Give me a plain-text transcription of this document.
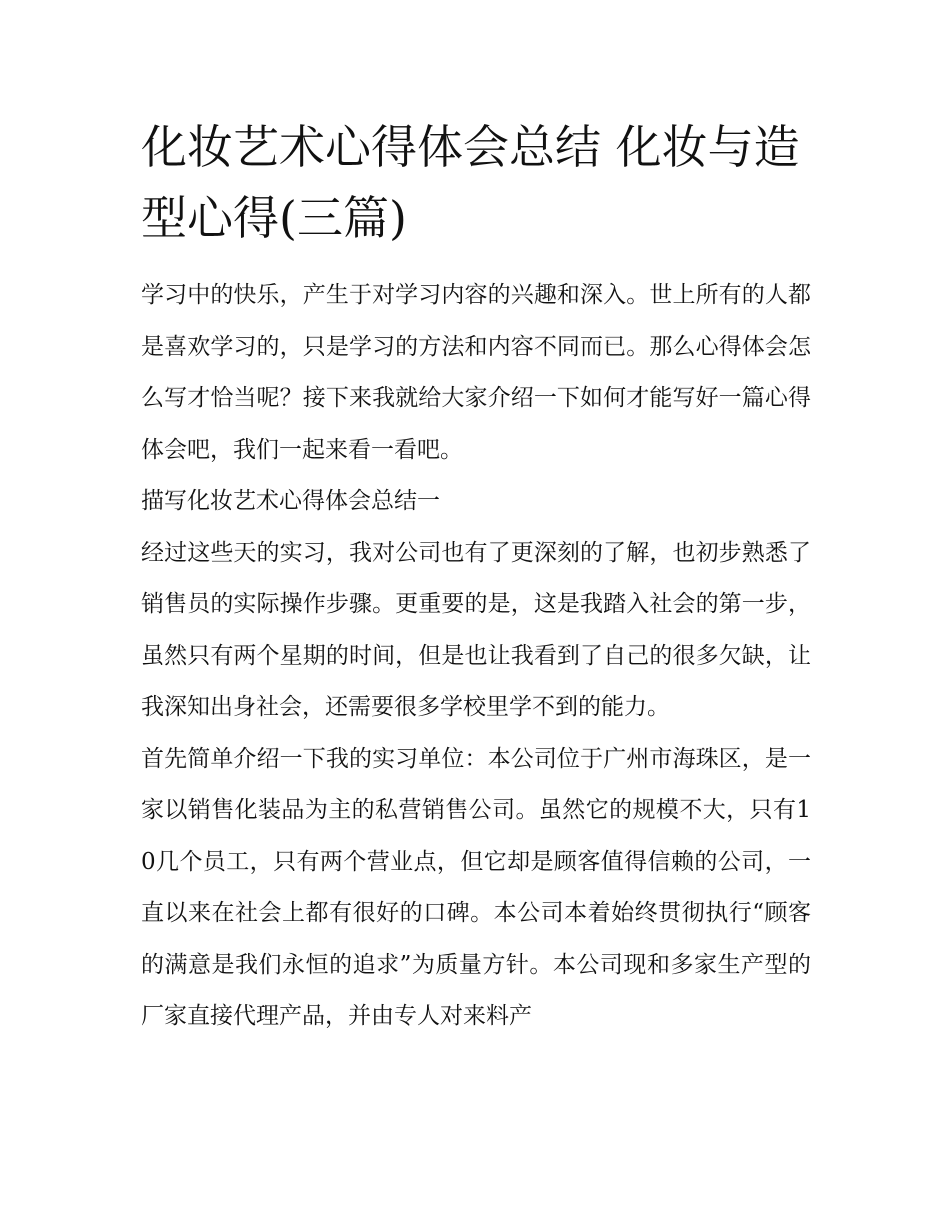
化妆艺术心得体会总结 化妆与造型心得(三篇)

学习中的快乐，产生于对学习内容的兴趣和深入。世上所有的人都是喜欢学习的，只是学习的方法和内容不同而已。那么心得体会怎么写才恰当呢？接下来我就给大家介绍一下如何才能写好一篇心得体会吧，我们一起来看一看吧。

描写化妆艺术心得体会总结一

经过这些天的实习，我对公司也有了更深刻的了解，也初步熟悉了销售员的实际操作步骤。更重要的是，这是我踏入社会的第一步，虽然只有两个星期的时间，但是也让我看到了自己的很多欠缺，让我深知出身社会，还需要很多学校里学不到的能力。

首先简单介绍一下我的实习单位：本公司位于广州市海珠区，是一家以销售化装品为主的私营销售公司。虽然它的规模不大，只有10几个员工，只有两个营业点，但它却是顾客值得信赖的公司，一直以来在社会上都有很好的口碑。本公司本着始终贯彻执行“顾客的满意是我们永恒的追求”为质量方针。本公司现和多家生产型的厂家直接代理产品，并由专人对来料产
